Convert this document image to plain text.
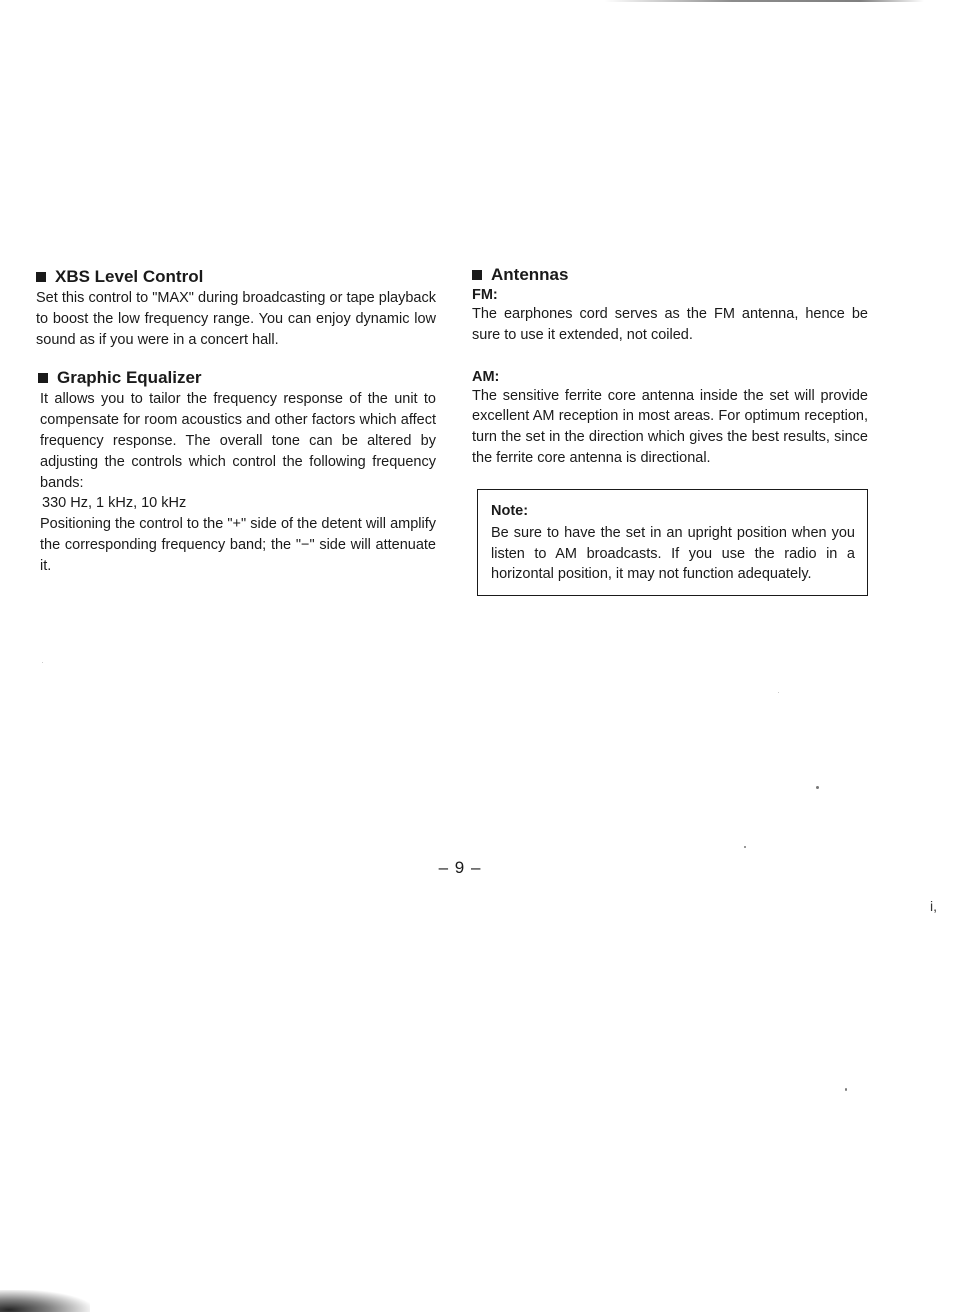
XBS Level Control

Set this control to "MAX" during broadcasting or tape playback to boost the low frequency range. You can enjoy dynamic low sound as if you were in a concert hall.

Graphic Equalizer

It allows you to tailor the frequency response of the unit to compensate for room acoustics and other factors which affect frequency response. The overall tone can be altered by adjusting the controls which control the following frequency bands:

330 Hz, 1 kHz, 10 kHz

Positioning the control to the "+" side of the detent will amplify the corresponding frequency band; the "−" side will attenuate it.

Antennas

FM:

The earphones cord serves as the FM antenna, hence be sure to use it extended, not coiled.

AM:

The sensitive ferrite core antenna inside the set will provide excellent AM reception in most areas. For optimum reception, turn the set in the direction which gives the best results, since the ferrite core antenna is directional.

Note:

Be sure to have the set in an upright position when you listen to AM broadcasts. If you use the radio in a horizontal position, it may not function adequately.

– 9 –
i,
